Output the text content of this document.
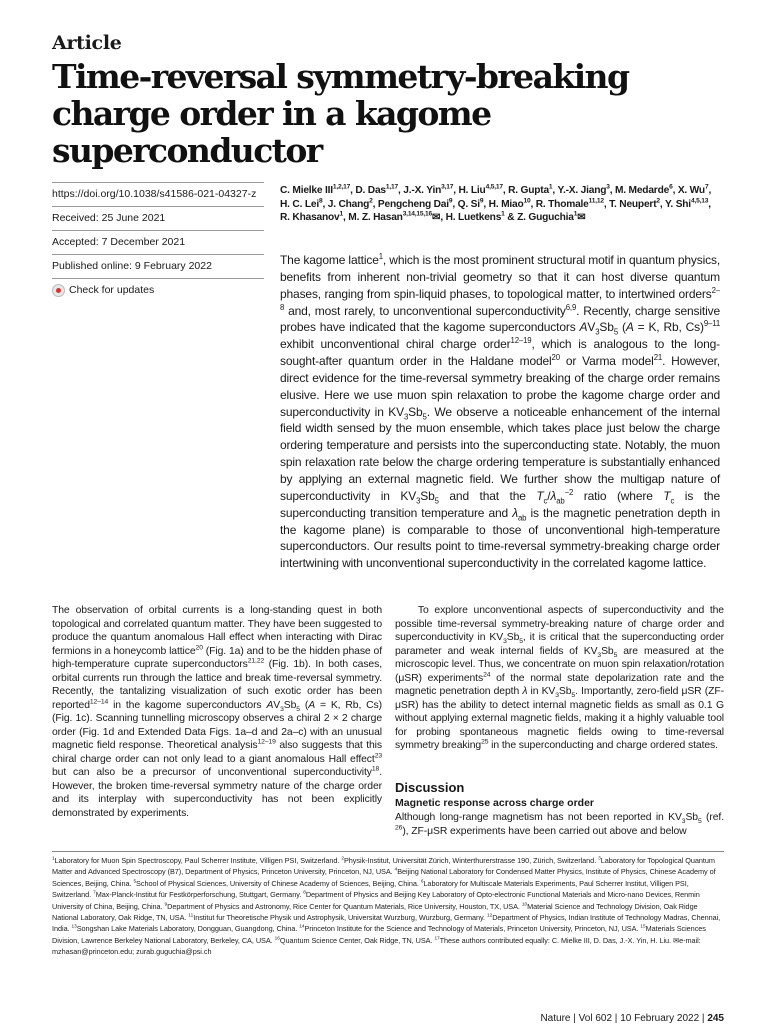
Article
Time-reversal symmetry-breaking charge order in a kagome superconductor
https://doi.org/10.1038/s41586-021-04327-z
Received: 25 June 2021
Accepted: 7 December 2021
Published online: 9 February 2022
Check for updates
C. Mielke III$^{1,2,17}$, D. Das$^{1,17}$, J.-X. Yin$^{3,17}$, H. Liu$^{4,5,17}$, R. Gupta$^1$, Y.-X. Jiang$^3$, M. Medarde$^6$, X. Wu$^7$, H. C. Lei$^8$, J. Chang$^2$, Pengcheng Dai$^9$, Q. Si$^9$, H. Miao$^{10}$, R. Thomale$^{11,12}$, T. Neupert$^2$, Y. Shi$^{4,5,13}$, R. Khasanov$^1$, M. Z. Hasan$^{3,14,15,16}$✉, H. Luetkens$^1$ & Z. Guguchia$^1$✉
The kagome lattice$^1$, which is the most prominent structural motif in quantum physics, benefits from inherent non-trivial geometry so that it can host diverse quantum phases, ranging from spin-liquid phases, to topological matter, to intertwined orders$^{2-8}$ and, most rarely, to unconventional superconductivity$^{6,9}$. Recently, charge sensitive probes have indicated that the kagome superconductors $AV_3Sb_5$ (A = K, Rb, Cs)$^{9-11}$ exhibit unconventional chiral charge order$^{12-19}$, which is analogous to the long-sought-after quantum order in the Haldane model$^{20}$ or Varma model$^{21}$. However, direct evidence for the time-reversal symmetry breaking of the charge order remains elusive. Here we use muon spin relaxation to probe the kagome charge order and superconductivity in $KV_3Sb_5$. We observe a noticeable enhancement of the internal field width sensed by the muon ensemble, which takes place just below the charge ordering temperature and persists into the superconducting state. Notably, the muon spin relaxation rate below the charge ordering temperature is substantially enhanced by applying an external magnetic field. We further show the multigap nature of superconductivity in $KV_3Sb_5$ and that the $T_c/\lambda_{ab}^{-2}$ ratio (where $T_c$ is the superconducting transition temperature and $\lambda_{ab}$ is the magnetic penetration depth in the kagome plane) is comparable to those of unconventional high-temperature superconductors. Our results point to time-reversal symmetry-breaking charge order intertwining with unconventional superconductivity in the correlated kagome lattice.
The observation of orbital currents is a long-standing quest in both topological and correlated quantum matter. They have been suggested to produce the quantum anomalous Hall effect when interacting with Dirac fermions in a honeycomb lattice$^{20}$ (Fig. 1a) and to be the hidden phase of high-temperature cuprate superconductors$^{21,22}$ (Fig. 1b). In both cases, orbital currents run through the lattice and break time-reversal symmetry. Recently, the tantalizing visualization of such exotic order has been reported$^{12-14}$ in the kagome superconductors $AV_3Sb_5$ (A = K, Rb, Cs) (Fig. 1c). Scanning tunnelling microscopy observes a chiral 2 × 2 charge order (Fig. 1d and Extended Data Figs. 1a–d and 2a–c) with an unusual magnetic field response. Theoretical analysis$^{12-19}$ also suggests that this chiral charge order can not only lead to a giant anomalous Hall effect$^{23}$ but can also be a precursor of unconventional superconductivity$^{18}$. However, the broken time-reversal symmetry nature of the charge order and its interplay with superconductivity has not been explicitly demonstrated by experiments.
To explore unconventional aspects of superconductivity and the possible time-reversal symmetry-breaking nature of charge order and superconductivity in $KV_3Sb_5$, it is critical that the superconducting order parameter and weak internal fields of $KV_3Sb_5$ are measured at the microscopic level. Thus, we concentrate on muon spin relaxation/rotation (μSR) experiments$^{24}$ of the normal state depolarization rate and the magnetic penetration depth λ in $KV_3Sb_5$. Importantly, zero-field μSR (ZF-μSR) has the ability to detect internal magnetic fields as small as 0.1 G without applying external magnetic fields, making it a highly valuable tool for probing spontaneous magnetic fields owing to time-reversal symmetry breaking$^{25}$ in the superconducting and charge ordered states.
Discussion
Magnetic response across charge order
Although long-range magnetism has not been reported in $KV_3Sb_5$ (ref. $^{26}$), ZF-μSR experiments have been carried out above and below
$^1$Laboratory for Muon Spin Spectroscopy, Paul Scherrer Institute, Villigen PSI, Switzerland. $^2$Physik-Institut, Universität Zürich, Winterthurerstrasse 190, Zürich, Switzerland. $^3$Laboratory for Topological Quantum Matter and Advanced Spectroscopy (B7), Department of Physics, Princeton University, Princeton, NJ, USA. $^4$Beijing National Laboratory for Condensed Matter Physics, Institute of Physics, Chinese Academy of Sciences, Beijing, China. $^5$School of Physical Sciences, University of Chinese Academy of Sciences, Beijing, China. $^6$Laboratory for Multiscale Materials Experiments, Paul Scherrer Institut, Villigen PSI, Switzerland. $^7$Max-Planck-Institut für Festkörperforschung, Stuttgart, Germany. $^8$Department of Physics and Beijing Key Laboratory of Opto-electronic Functional Materials and Micro-nano Devices, Renmin University of China, Beijing, China. $^9$Department of Physics and Astronomy, Rice Center for Quantum Materials, Rice University, Houston, TX, USA. $^{10}$Material Science and Technology Division, Oak Ridge National Laboratory, Oak Ridge, TN, USA. $^{11}$Institut fur Theoretische Physik und Astrophysik, Universitat Wurzburg, Wurzburg, Germany. $^{12}$Department of Physics, Indian Institute of Technology Madras, Chennai, India. $^{13}$Songshan Lake Materials Laboratory, Dongguan, Guangdong, China. $^{14}$Princeton Institute for the Science and Technology of Materials, Princeton University, Princeton, NJ, USA. $^{15}$Materials Sciences Division, Lawrence Berkeley National Laboratory, Berkeley, CA, USA. $^{16}$Quantum Science Center, Oak Ridge, TN, USA. $^{17}$These authors contributed equally: C. Mielke III, D. Das, J.-X. Yin, H. Liu. ✉e-mail: mzhasan@princeton.edu; zurab.guguchia@psi.ch
Nature | Vol 602 | 10 February 2022 | 245
